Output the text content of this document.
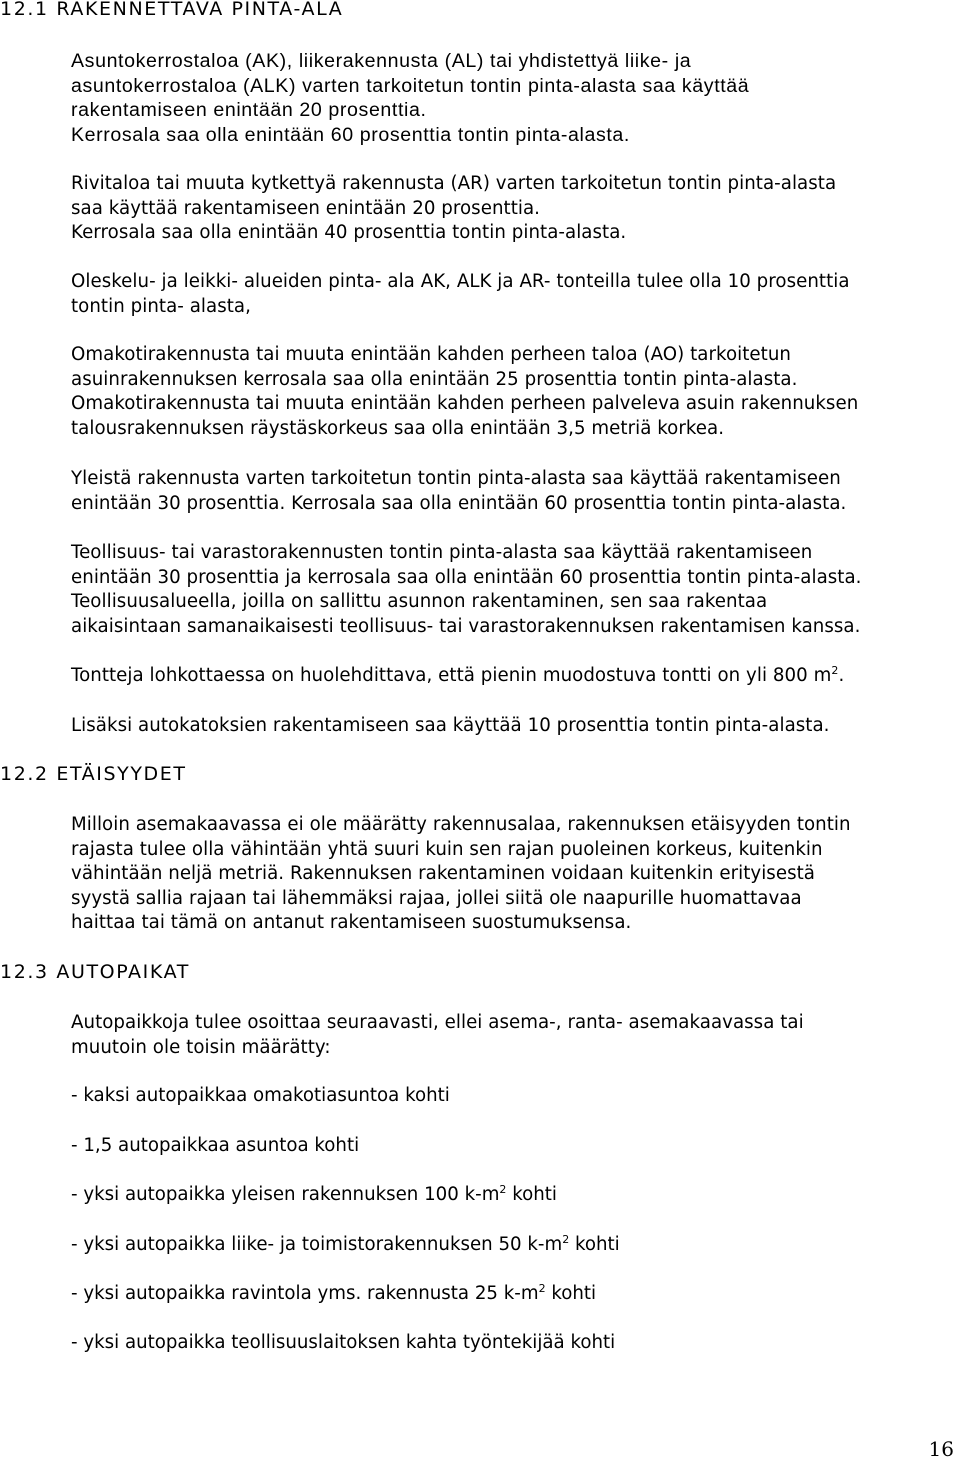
12.1 RAKENNETTAVA PINTA-ALA

Asuntokerrostaloa (AK), liikerakennusta (AL) tai yhdistettyä liike- ja
asuntokerrostaloa (ALK) varten tarkoitetun tontin pinta-alasta saa käyttää
rakentamiseen enintään 20 prosenttia.
Kerrosala saa olla enintään 60 prosenttia tontin pinta-alasta.

Rivitaloa tai muuta kytkettyä rakennusta (AR) varten tarkoitetun tontin pinta-alasta
saa käyttää rakentamiseen enintään 20 prosenttia.
Kerrosala saa olla enintään 40 prosenttia tontin pinta-alasta.

Oleskelu- ja leikki- alueiden pinta- ala AK, ALK ja AR- tonteilla tulee olla 10 prosenttia
tontin pinta- alasta,

Omakotirakennusta tai muuta enintään kahden perheen taloa (AO) tarkoitetun
asuinrakennuksen kerrosala saa olla enintään 25 prosenttia tontin pinta-alasta.
Omakotirakennusta tai muuta enintään kahden perheen palveleva asuin rakennuksen
talousrakennuksen räystäskorkeus saa olla enintään 3,5 metriä korkea.

Yleistä rakennusta varten tarkoitetun tontin pinta-alasta saa käyttää rakentamiseen
enintään 30 prosenttia. Kerrosala saa olla enintään 60 prosenttia tontin pinta-alasta.

Teollisuus- tai varastorakennusten tontin pinta-alasta saa käyttää rakentamiseen
enintään 30 prosenttia ja kerrosala saa olla enintään 60 prosenttia tontin pinta-alasta.
Teollisuusalueella, joilla on sallittu asunnon rakentaminen, sen saa rakentaa
aikaisintaan samanaikaisesti teollisuus- tai varastorakennuksen rakentamisen kanssa.

Tontteja lohkottaessa on huolehdittava, että pienin muodostuva tontti on yli 800 $m^2$.

Lisäksi autokatoksien rakentamiseen saa käyttää 10 prosenttia tontin pinta-alasta.

12.2 ETÄISYYDET

Milloin asemakaavassa ei ole määrätty rakennusalaa, rakennuksen etäisyyden tontin
rajasta tulee olla vähintään yhtä suuri kuin sen rajan puoleinen korkeus, kuitenkin
vähintään neljä metriä. Rakennuksen rakentaminen voidaan kuitenkin erityisestä
syystä sallia rajaan tai lähemmäksi rajaa, jollei siitä ole naapurille huomattavaa
haittaa tai tämä on antanut rakentamiseen suostumuksensa.

12.3 AUTOPAIKAT

Autopaikkoja tulee osoittaa seuraavasti, ellei asema-, ranta- asemakaavassa tai
muutoin ole toisin määrätty:

- kaksi autopaikkaa omakotiasuntoa kohti

- 1,5 autopaikkaa asuntoa kohti

- yksi autopaikka yleisen rakennuksen 100 $k-m^2$ kohti

- yksi autopaikka liike- ja toimistorakennuksen 50 $k-m^2$ kohti

- yksi autopaikka ravintola yms. rakennusta 25 $k-m^2$ kohti

- yksi autopaikka teollisuuslaitoksen kahta työntekijää kohti

16
